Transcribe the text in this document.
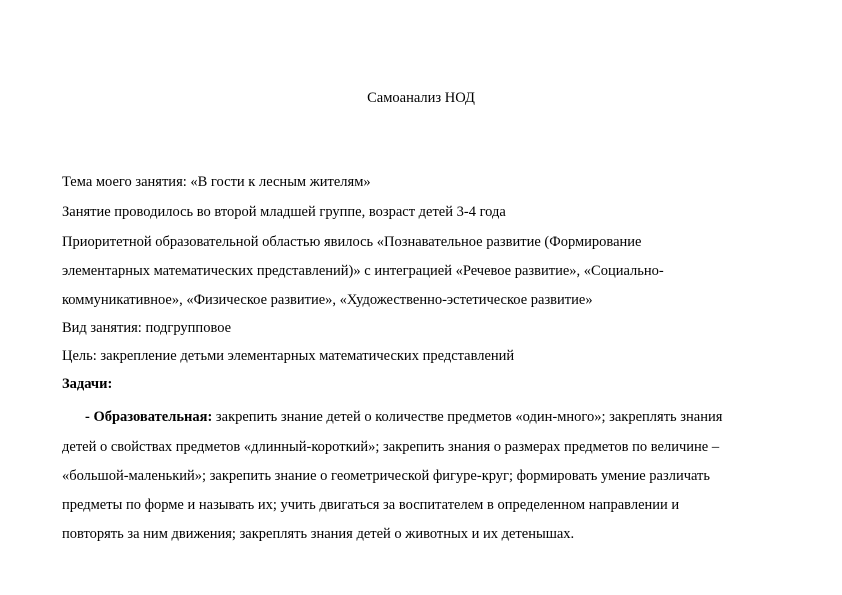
Самоанализ НОД
Тема моего занятия: «В гости к лесным жителям»
Занятие проводилось во второй младшей группе, возраст детей 3-4 года
Приоритетной образовательной областью явилось «Познавательное развитие (Формирование
элементарных математических представлений)» с интеграцией «Речевое развитие», «Социально-
коммуникативное», «Физическое развитие», «Художественно-эстетическое развитие»
Вид занятия: подгрупповое
Цель: закрепление детьми элементарных математических представлений
Задачи:
- Образовательная: закрепить знание детей о количестве предметов «один-много»; закреплять знания
детей о свойствах предметов «длинный-короткий»; закрепить знания о размерах предметов по величине –
«большой-маленький»; закрепить знание о геометрической фигуре-круг; формировать умение различать
предметы по форме и называть их; учить двигаться за воспитателем в определенном направлении и
повторять за ним движения; закреплять знания детей о животных и их детенышах.
